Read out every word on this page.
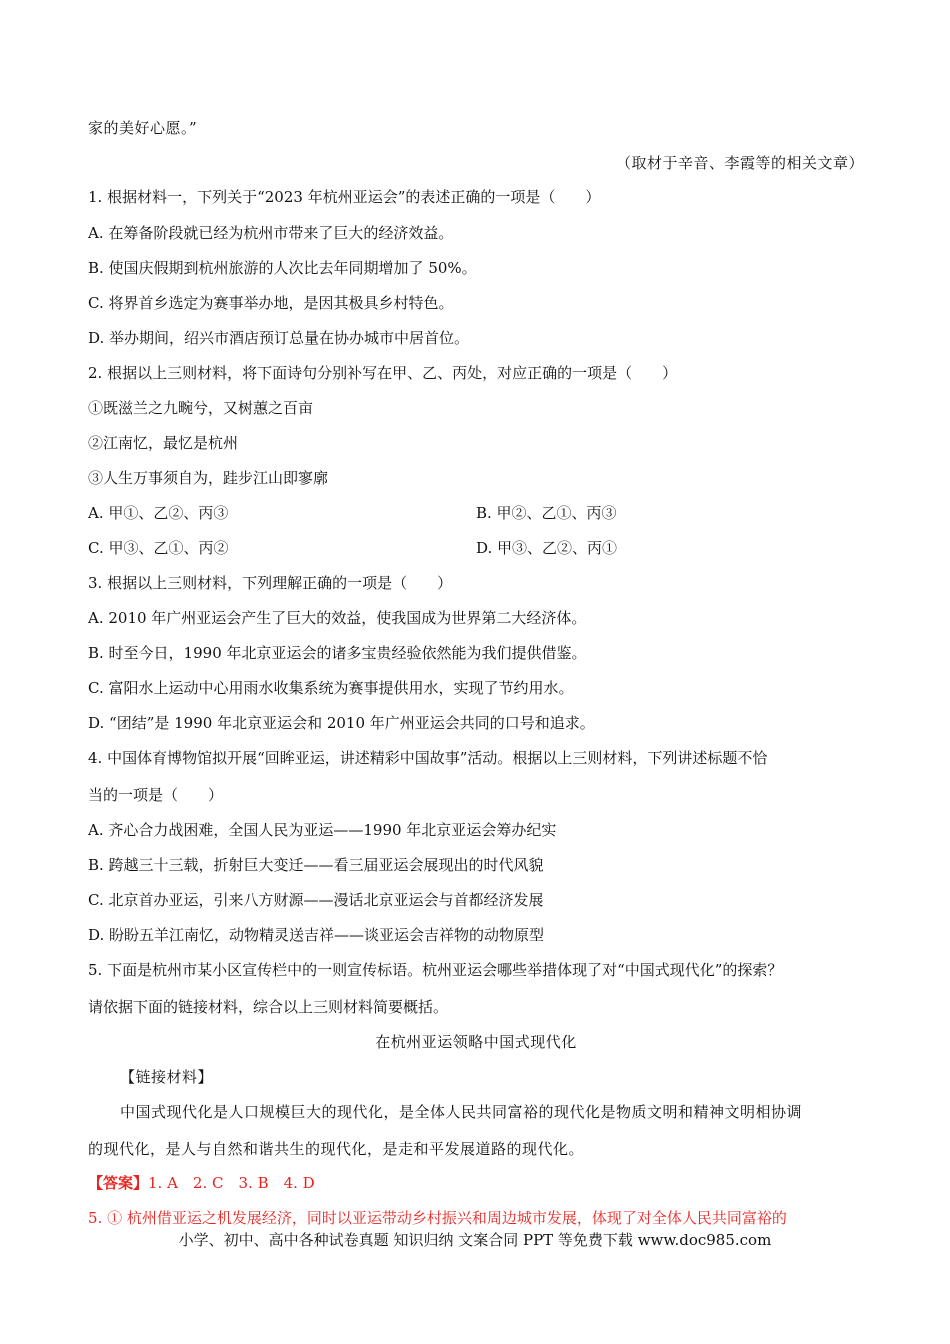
家的美好心愿。”
（取材于辛音、李霞等的相关文章）
1. 根据材料一，下列关于“2023 年杭州亚运会”的表述正确的一项是（　　）
A. 在筹备阶段就已经为杭州市带来了巨大的经济效益。
B. 使国庆假期到杭州旅游的人次比去年同期增加了 50%。
C. 将界首乡选定为赛事举办地，是因其极具乡村特色。
D. 举办期间，绍兴市酒店预订总量在协办城市中居首位。
2. 根据以上三则材料，将下面诗句分别补写在甲、乙、丙处，对应正确的一项是（　　）
①既滋兰之九畹兮，又树蕙之百亩
②江南忆，最忆是杭州
③人生万事须自为，跬步江山即寥廓
A. 甲①、乙②、丙③	B. 甲②、乙①、丙③
C. 甲③、乙①、丙②	D. 甲③、乙②、丙①
3. 根据以上三则材料，下列理解正确的一项是（　　）
A. 2010 年广州亚运会产生了巨大的效益，使我国成为世界第二大经济体。
B. 时至今日，1990 年北京亚运会的诸多宝贵经验依然能为我们提供借鉴。
C. 富阳水上运动中心用雨水收集系统为赛事提供用水，实现了节约用水。
D. “团结”是 1990 年北京亚运会和 2010 年广州亚运会共同的口号和追求。
4. 中国体育博物馆拟开展“回眸亚运，讲述精彩中国故事”活动。根据以上三则材料，下列讲述标题不恰
当的一项是（　　）
A. 齐心合力战困难，全国人民为亚运——1990 年北京亚运会筹办纪实
B. 跨越三十三载，折射巨大变迁——看三届亚运会展现出的时代风貌
C. 北京首办亚运，引来八方财源——漫话北京亚运会与首都经济发展
D. 盼盼五羊江南忆，动物精灵送吉祥——谈亚运会吉祥物的动物原型
5. 下面是杭州市某小区宣传栏中的一则宣传标语。杭州亚运会哪些举措体现了对“中国式现代化”的探索？
请依据下面的链接材料，综合以上三则材料简要概括。
在杭州亚运领略中国式现代化
【链接材料】
中国式现代化是人口规模巨大的现代化，是全体人民共同富裕的现代化是物质文明和精神文明相协调
的现代化，是人与自然和谐共生的现代化，是走和平发展道路的现代化。
【答案】1. A　2. C　3. B　4. D
5. ① 杭州借亚运之机发展经济，同时以亚运带动乡村振兴和周边城市发展，体现了对全体人民共同富裕的
小学、初中、高中各种试卷真题 知识归纳 文案合同 PPT 等免费下载 www.doc985.com
